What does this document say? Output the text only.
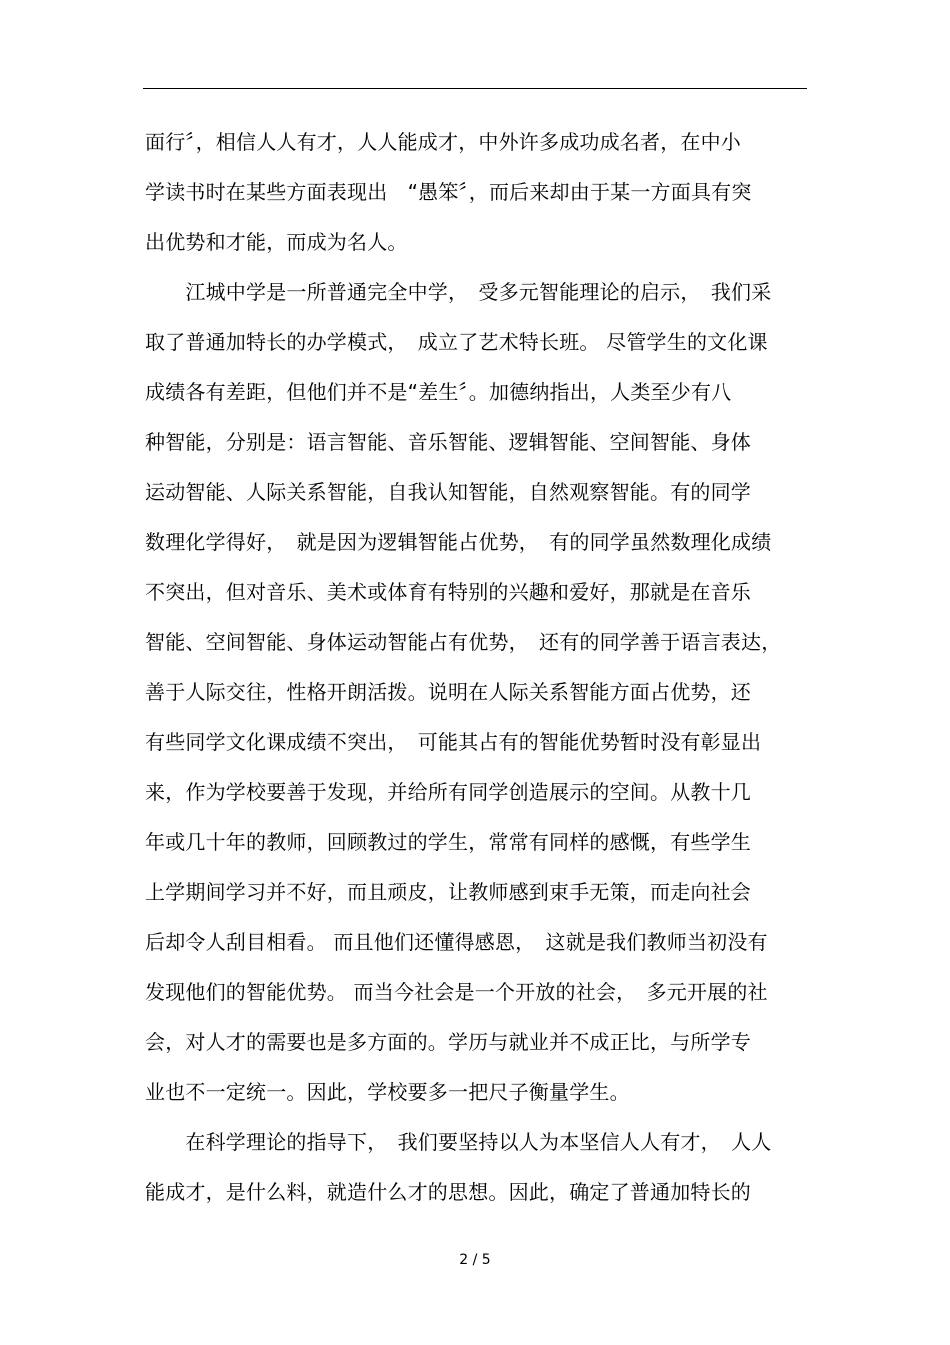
面行〞，相信人人有才，人人能成才，中外许多成功成名者，在中小
学读书时在某些方面表现出　“愚笨〞，而后来却由于某一方面具有突
出优势和才能，而成为名人。
　　江城中学是一所普通完全中学，　受多元智能理论的启示，　我们采
取了普通加特长的办学模式，　成立了艺术特长班。 尽管学生的文化课
成绩各有差距，但他们并不是“差生〞。加德纳指出，人类至少有八
种智能，分别是：语言智能、音乐智能、逻辑智能、空间智能、身体
运动智能、人际关系智能，自我认知智能，自然观察智能。有的同学
数理化学得好，　就是因为逻辑智能占优势，　有的同学虽然数理化成绩
不突出，但对音乐、美术或体育有特别的兴趣和爱好，那就是在音乐
智能、空间智能、身体运动智能占有优势，　还有的同学善于语言表达，
善于人际交往，性格开朗活拨。说明在人际关系智能方面占优势，还
有些同学文化课成绩不突出，　可能其占有的智能优势暂时没有彰显出
来，作为学校要善于发现，并给所有同学创造展示的空间。从教十几
年或几十年的教师，回顾教过的学生，常常有同样的感慨，有些学生
上学期间学习并不好，而且顽皮，让教师感到束手无策，而走向社会
后却令人刮目相看。 而且他们还懂得感恩，　这就是我们教师当初没有
发现他们的智能优势。 而当今社会是一个开放的社会，　多元开展的社
会，对人才的需要也是多方面的。学历与就业并不成正比，与所学专
业也不一定统一。因此，学校要多一把尺子衡量学生。
　　在科学理论的指导下，　我们要坚持以人为本坚信人人有才，　人人
能成才，是什么料，就造什么才的思想。因此，确定了普通加特长的
2 / 5
